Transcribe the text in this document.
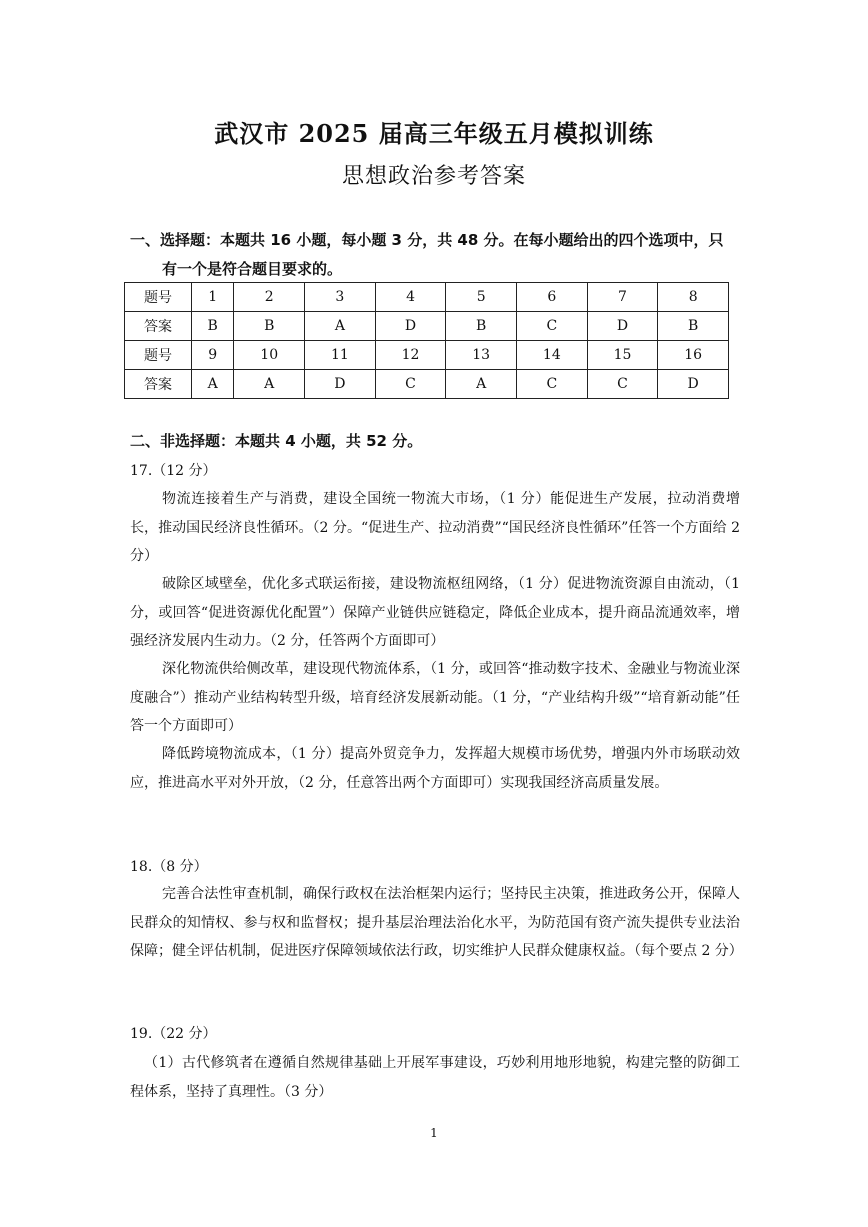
武汉市 2025 届高三年级五月模拟训练
思想政治参考答案
一、选择题：本题共 16 小题，每小题 3 分，共 48 分。在每小题给出的四个选项中，只
有一个是符合题目要求的。
题号	1	2	3	4	5	6	7	8
答案	B	B	A	D	B	C	D	B
题号	9	10	11	12	13	14	15	16
答案	A	A	D	C	A	C	C	D
二、非选择题：本题共 4 小题，共 52 分。
17.（12 分）
物流连接着生产与消费，建设全国统一物流大市场，（1 分）能促进生产发展，拉动消费增长，推动国民经济良性循环。（2 分。“促进生产、拉动消费”“国民经济良性循环”任答一个方面给 2 分）
破除区域壁垒，优化多式联运衔接，建设物流枢纽网络，（1 分）促进物流资源自由流动，（1 分，或回答“促进资源优化配置”）保障产业链供应链稳定，降低企业成本，提升商品流通效率，增强经济发展内生动力。（2 分，任答两个方面即可）
深化物流供给侧改革，建设现代物流体系，（1 分，或回答“推动数字技术、金融业与物流业深度融合”）推动产业结构转型升级，培育经济发展新动能。（1 分，“产业结构升级”“培育新动能”任答一个方面即可）
降低跨境物流成本，（1 分）提高外贸竞争力，发挥超大规模市场优势，增强内外市场联动效应，推进高水平对外开放，（2 分，任意答出两个方面即可）实现我国经济高质量发展。
18.（8 分）
完善合法性审查机制，确保行政权在法治框架内运行；坚持民主决策，推进政务公开，保障人民群众的知情权、参与权和监督权；提升基层治理法治化水平，为防范国有资产流失提供专业法治保障；健全评估机制，促进医疗保障领域依法行政，切实维护人民群众健康权益。（每个要点 2 分）
19.（22 分）
（1）古代修筑者在遵循自然规律基础上开展军事建设，巧妙利用地形地貌，构建完整的防御工程体系，坚持了真理性。（3 分）
1
